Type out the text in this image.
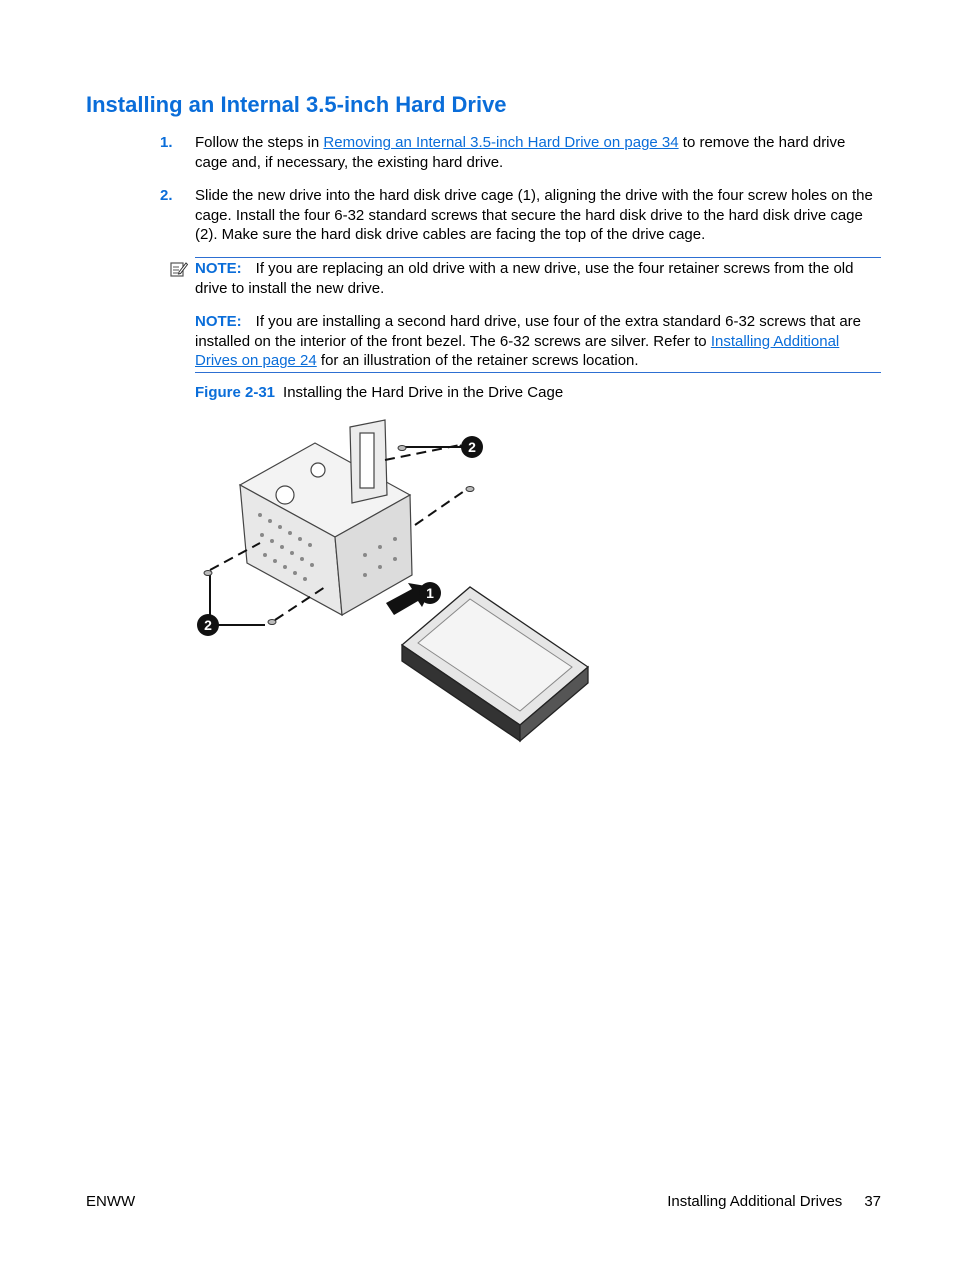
Installing an Internal 3.5-inch Hard Drive
1. Follow the steps in Removing an Internal 3.5-inch Hard Drive on page 34 to remove the hard drive cage and, if necessary, the existing hard drive.
2. Slide the new drive into the hard disk drive cage (1), aligning the drive with the four screw holes on the cage. Install the four 6-32 standard screws that secure the hard disk drive to the hard disk drive cage (2). Make sure the hard disk drive cables are facing the top of the drive cage.
NOTE: If you are replacing an old drive with a new drive, use the four retainer screws from the old drive to install the new drive.
NOTE: If you are installing a second hard drive, use four of the extra standard 6-32 screws that are installed on the interior of the front bezel. The 6-32 screws are silver. Refer to Installing Additional Drives on page 24 for an illustration of the retainer screws location.
Figure 2-31 Installing the Hard Drive in the Drive Cage
1
2
2
ENWW	Installing Additional Drives 37
